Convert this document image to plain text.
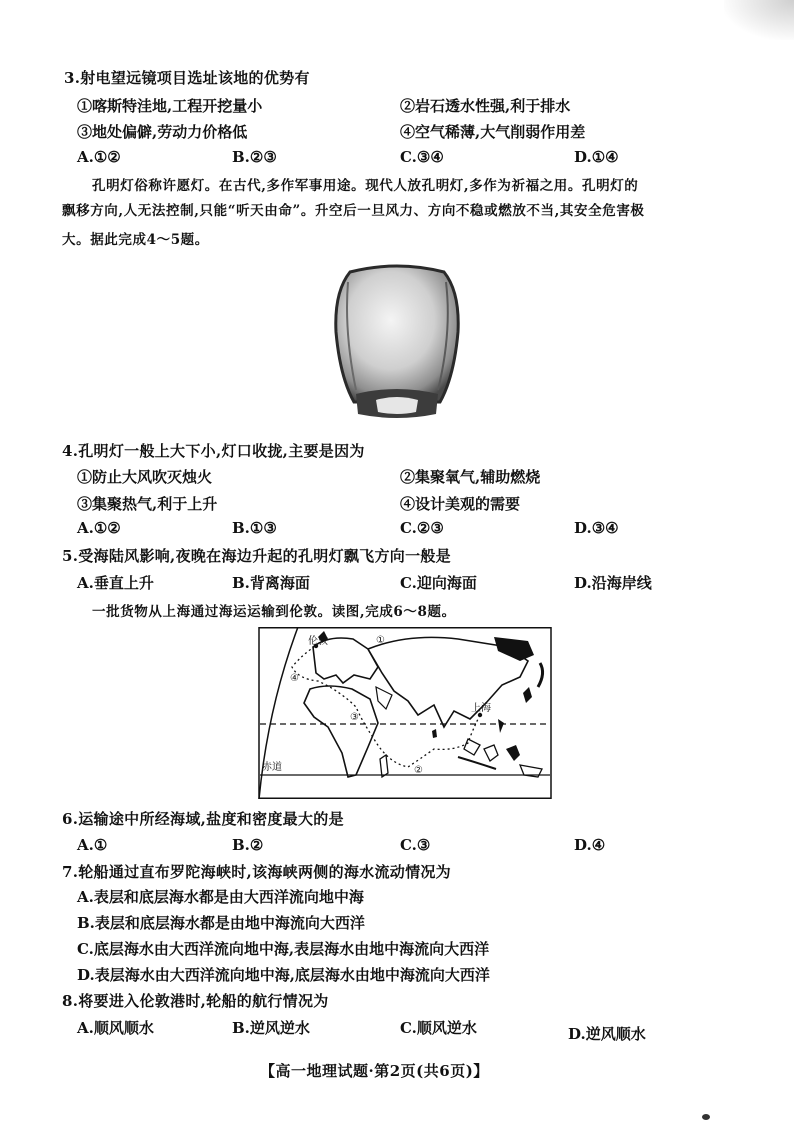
3.射电望远镜项目选址该地的优势有
①喀斯特洼地,工程开挖量小	②岩石透水性强,利于排水
③地处偏僻,劳动力价格低	④空气稀薄,大气削弱作用差
A.①②	B.②③	C.③④	D.①④
孔明灯俗称许愿灯。在古代,多作军事用途。现代人放孔明灯,多作为祈福之用。孔明灯的
飘移方向,人无法控制,只能“听天由命”。升空后一旦风力、方向不稳或燃放不当,其安全危害极
大。据此完成4～5题。
4.孔明灯一般上大下小,灯口收拢,主要是因为
①防止大风吹灭烛火	②集聚氧气,辅助燃烧
③集聚热气,利于上升	④设计美观的需要
A.①②	B.①③	C.②③	D.③④
5.受海陆风影响,夜晚在海边升起的孔明灯飘飞方向一般是
A.垂直上升	B.背离海面	C.迎向海面	D.沿海岸线
一批货物从上海通过海运运输到伦敦。读图,完成6～8题。
伦敦
上海
赤道
④
③
②
①
6.运输途中所经海域,盐度和密度最大的是
A.①	B.②	C.③	D.④
7.轮船通过直布罗陀海峡时,该海峡两侧的海水流动情况为
A.表层和底层海水都是由大西洋流向地中海
B.表层和底层海水都是由地中海流向大西洋
C.底层海水由大西洋流向地中海,表层海水由地中海流向大西洋
D.表层海水由大西洋流向地中海,底层海水由地中海流向大西洋
8.将要进入伦敦港时,轮船的航行情况为
A.顺风顺水	B.逆风逆水	C.顺风逆水	D.逆风顺水
【高一地理试题·第2页(共6页)】
